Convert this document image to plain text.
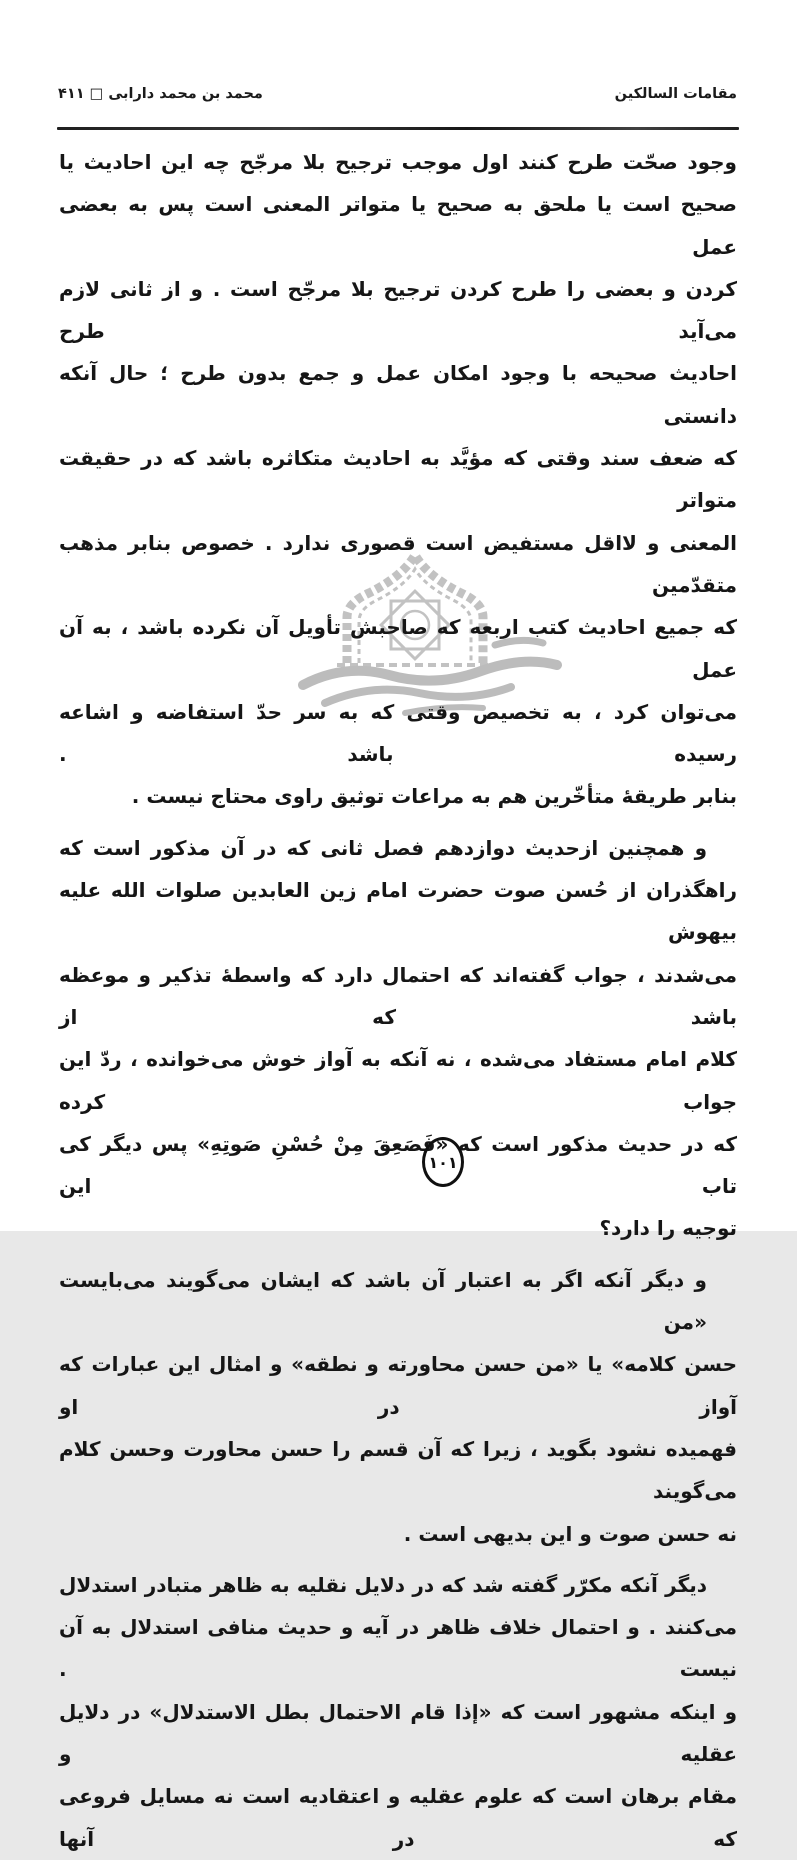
مقامات السالکین
محمد بن محمد دارابی □ ۴۱۱
وجود صحّت طرح کنند اول موجب ترجیح بلا مرجّح چه این احادیث یا
صحیح است یا ملحق به صحیح یا متواتر المعنی است پس به بعضی عمل
کردن و بعضی را طرح کردن ترجیح بلا مرجّح است . و از ثانی لازم می‌آید طرح
احادیث صحیحه با وجود امکان عمل و جمع بدون طرح ؛ حال آنکه دانستی
که ضعف سند وقتی که مؤیَّد به احادیث متکاثره باشد که در حقیقت متواتر
المعنی و لااقل مستفیض است قصوری ندارد . خصوص بنابر مذهب متقدّمین
که جمیع احادیث کتب اربعه که صاحبش تأویل آن نکرده باشد ، به آن عمل
می‌توان کرد ، به تخصیص وقتی که به سر حدّ استفاضه و اشاعه رسیده باشد .
بنابر طریقهٔ متأخّرین هم به مراعات توثیق راوی محتاج نیست .
و همچنین ازحدیث دوازدهم فصل ثانی که در آن مذکور است که
راهگذران از حُسن صوت حضرت امام زین العابدین صلوات الله علیه بیهوش
می‌شدند ، جواب گفته‌اند که احتمال دارد که واسطهٔ تذکیر و موعظه باشد که از
کلام امام مستفاد می‌شده ، نه آنکه به آواز خوش می‌خوانده ، ردّ این جواب کرده
که در حدیث مذکور است که «فَصَعِقَ مِنْ حُسْنِ صَوتِهِ» پس دیگر کی تاب این
توجیه را دارد؟
و دیگر آنکه اگر به اعتبار آن باشد که ایشان می‌گویند می‌بایست «من
حسن کلامه» یا «من حسن محاورته و نطقه» و امثال این عبارات که آواز در او
فهمیده نشود بگوید ، زیرا که آن قسم را حسن محاورت وحسن کلام می‌گویند
نه حسن صوت و این بدیهی است .
دیگر آنکه مکرّر گفته شد که در دلایل نقلیه به ظاهر متبادر استدلال
می‌کنند . و احتمال خلاف ظاهر در آیه و حدیث منافی استدلال به آن نیست .
و اینکه مشهور است که «إذا قام الاحتمال بطل الاستدلال» در دلایل عقلیه و
مقام برهان است که علوم عقلیه و اعتقادیه است نه مسایل فروعی که در آنها
۱۰۱
